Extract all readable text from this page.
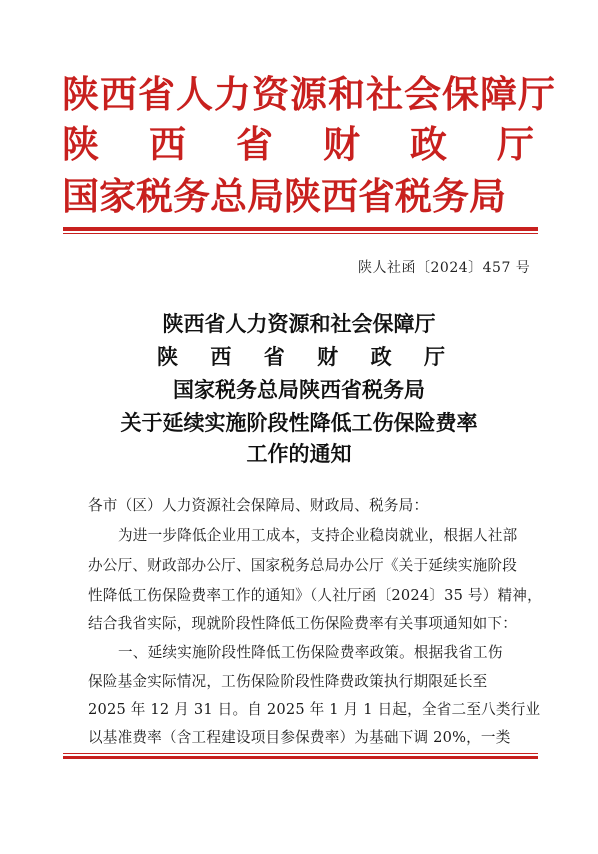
陕西省人力资源和社会保障厅
陕 西 省 财 政 厅
国家税务总局陕西省税务局
陕人社函〔2024〕457 号
陕西省人力资源和社会保障厅
陕 西 省 财 政 厅
国家税务总局陕西省税务局
关于延续实施阶段性降低工伤保险费率
工作的通知
各市（区）人力资源社会保障局、财政局、税务局：
为进一步降低企业用工成本，支持企业稳岗就业，根据人社部
办公厅、财政部办公厅、国家税务总局办公厅《关于延续实施阶段
性降低工伤保险费率工作的通知》（人社厅函〔2024〕35 号）精神，
结合我省实际，现就阶段性降低工伤保险费率有关事项通知如下：
一、延续实施阶段性降低工伤保险费率政策。根据我省工伤
保险基金实际情况，工伤保险阶段性降费政策执行期限延长至
2025 年 12 月 31 日。自 2025 年 1 月 1 日起，全省二至八类行业
以基准费率（含工程建设项目参保费率）为基础下调 20%，一类
